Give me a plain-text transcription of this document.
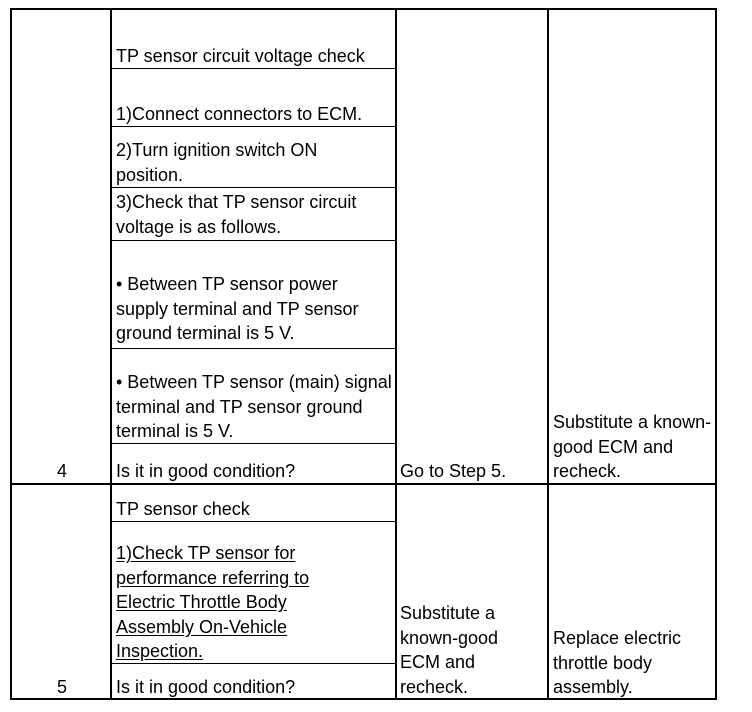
4
TP sensor circuit voltage check
1)Connect connectors to ECM.
2)Turn ignition switch ON position.
3)Check that TP sensor circuit voltage is as follows.
• Between TP sensor power supply terminal and TP sensor ground terminal is 5 V.
• Between TP sensor (main) signal terminal and TP sensor ground terminal is 5 V.
Is it in good condition?	Go to Step 5.
Substitute a known-good ECM and recheck.
5
TP sensor check
1)Check TP sensor for performance referring to Electric Throttle Body Assembly On-Vehicle Inspection.
Is it in good condition?
Substitute a known-good ECM and recheck.
Replace electric throttle body assembly.
